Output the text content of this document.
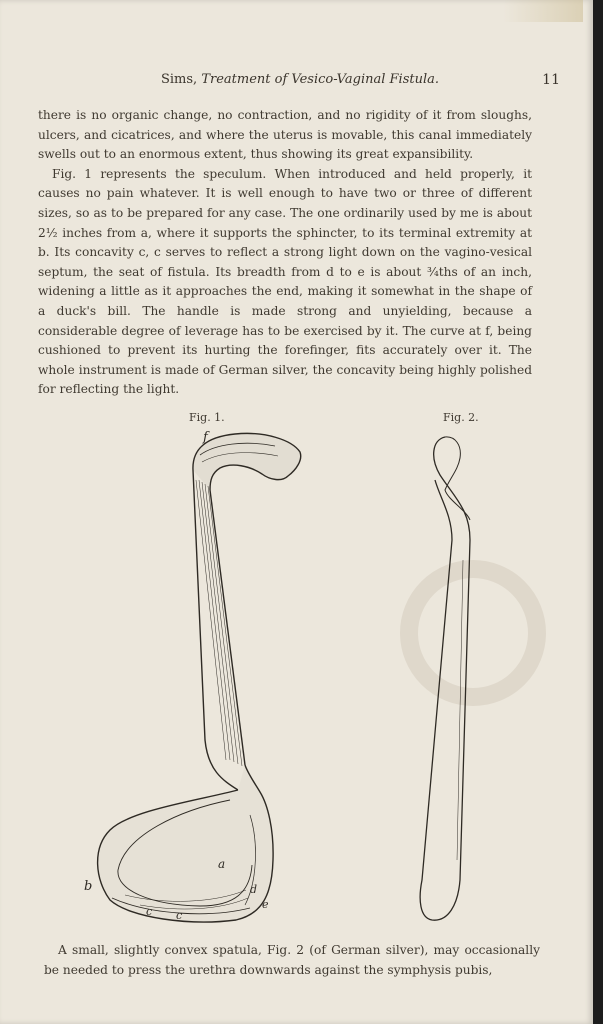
Sims, Treatment of Vesico-Vaginal Fistula.	11

there is no organic change, no contraction, and no rigidity of it from sloughs, ulcers, and cicatrices, and where the uterus is movable, this canal immediately swells out to an enormous extent, thus showing its great expansibility.

Fig. 1 represents the speculum. When introduced and held properly, it causes no pain whatever. It is well enough to have two or three of different sizes, so as to be prepared for any case. The one ordinarily used by me is about 2½ inches from a, where it supports the sphincter, to its terminal extremity at b. Its concavity c, c serves to reflect a strong light down on the vagino-vesical septum, the seat of fistula. Its breadth from d to e is about ¾ths of an inch, widening a little as it approaches the end, making it somewhat in the shape of a duck's bill. The handle is made strong and unyielding, because a considerable degree of leverage has to be exercised by it. The curve at f, being cushioned to prevent its hurting the forefinger, fits accurately over it. The whole instrument is made of German silver, the concavity being highly polished for reflecting the light.

Fig. 1.	Fig. 2.
f
a
b
c
c
d
e
A small, slightly convex spatula, Fig. 2 (of German silver), may occasionally be needed to press the urethra downwards against the symphysis pubis,
